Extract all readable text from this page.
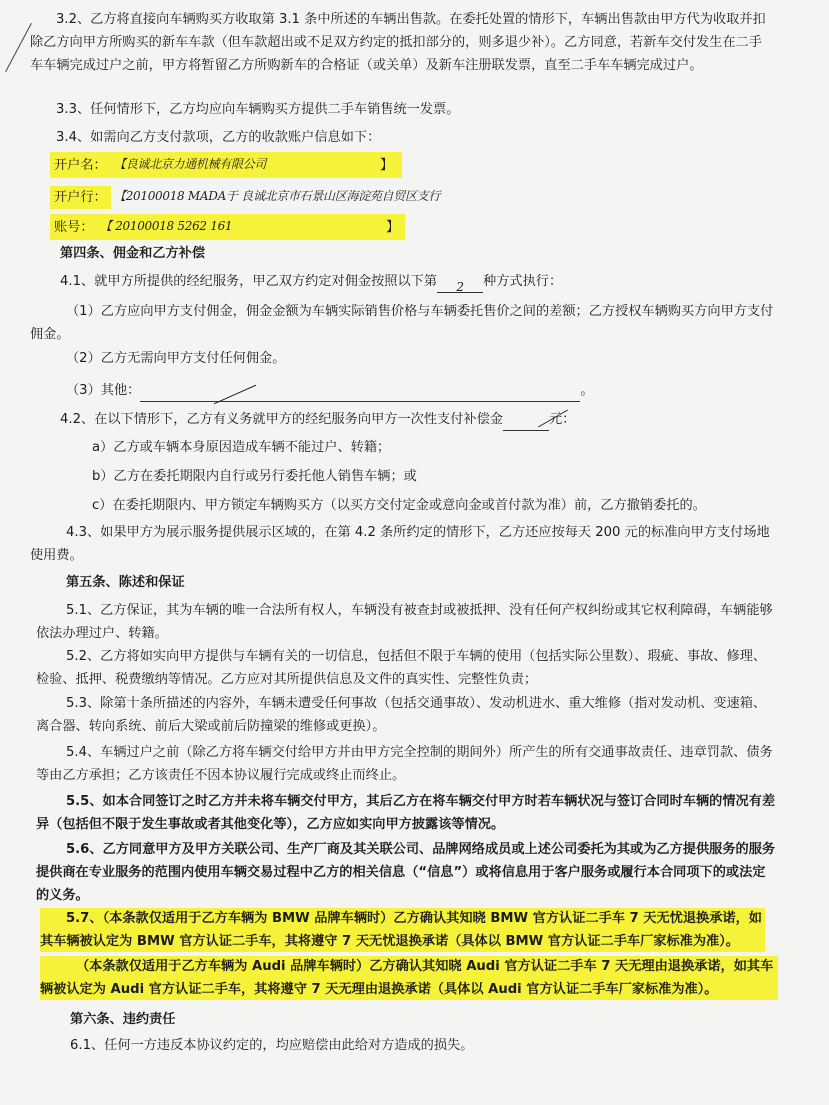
3.2、乙方将直接向车辆购买方收取第 3.1 条中所述的车辆出售款。在委托处置的情形下，车辆出售款由甲方代为收取并扣除乙方向甲方所购买的新车车款（但车款超出或不足双方约定的抵扣部分的，则多退少补）。乙方同意，若新车交付发生在二手车车辆完成过户之前，甲方将暂留乙方所购新车的合格证（或关单）及新车注册联发票，直至二手车车辆完成过户。

3.3、任何情形下，乙方均应向车辆购买方提供二手车销售统一发票。

3.4、如需向乙方支付款项，乙方的收款账户信息如下：

开户名： 【良诚北京力通机械有限公司	】
开户行： 【20100018 MADA于 良诚北京市石景山区海淀苑自贸区支行
账号： 【 20100018 5262 161	】

第四条、佣金和乙方补偿

4.1、就甲方所提供的经纪服务，甲乙双方约定对佣金按照以下第 2 种方式执行：

（1）乙方应向甲方支付佣金，佣金金额为车辆实际销售价格与车辆委托售价之间的差额；乙方授权车辆购买方向甲方支付佣金。

（2）乙方无需向甲方支付任何佣金。

（3）其他：	。

4.2、在以下情形下，乙方有义务就甲方的经纪服务向甲方一次性支付补偿金	元：

a）乙方或车辆本身原因造成车辆不能过户、转籍；

b）乙方在委托期限内自行或另行委托他人销售车辆；或

c）在委托期限内、甲方锁定车辆购买方（以买方交付定金或意向金或首付款为准）前，乙方撤销委托的。

4.3、如果甲方为展示服务提供展示区域的，在第 4.2 条所约定的情形下，乙方还应按每天 200 元的标准向甲方支付场地使用费。

第五条、陈述和保证

5.1、乙方保证，其为车辆的唯一合法所有权人，车辆没有被查封或被抵押、没有任何产权纠纷或其它权利障碍，车辆能够依法办理过户、转籍。

5.2、乙方将如实向甲方提供与车辆有关的一切信息，包括但不限于车辆的使用（包括实际公里数）、瑕疵、事故、修理、检验、抵押、税费缴纳等情况。乙方应对其所提供信息及文件的真实性、完整性负责；

5.3、除第十条所描述的内容外，车辆未遭受任何事故（包括交通事故）、发动机进水、重大维修（指对发动机、变速箱、离合器、转向系统、前后大梁或前后防撞梁的维修或更换）。

5.4、车辆过户之前（除乙方将车辆交付给甲方并由甲方完全控制的期间外）所产生的所有交通事故责任、违章罚款、债务等由乙方承担；乙方该责任不因本协议履行完成或终止而终止。

5.5、如本合同签订之时乙方并未将车辆交付甲方，其后乙方在将车辆交付甲方时若车辆状况与签订合同时车辆的情况有差异（包括但不限于发生事故或者其他变化等），乙方应如实向甲方披露该等情况。

5.6、乙方同意甲方及甲方关联公司、生产厂商及其关联公司、品牌网络成员或上述公司委托为其或为乙方提供服务的服务提供商在专业服务的范围内使用车辆交易过程中乙方的相关信息（“信息”）或将信息用于客户服务或履行本合同项下的或法定的义务。

5.7、（本条款仅适用于乙方车辆为 BMW 品牌车辆时）乙方确认其知晓 BMW 官方认证二手车 7 天无忧退换承诺，如其车辆被认定为 BMW 官方认证二手车，其将遵守 7 天无忧退换承诺（具体以 BMW 官方认证二手车厂家标准为准）。

（本条款仅适用于乙方车辆为 Audi 品牌车辆时）乙方确认其知晓 Audi 官方认证二手车 7 天无理由退换承诺，如其车辆被认定为 Audi 官方认证二手车，其将遵守 7 天无理由退换承诺（具体以 Audi 官方认证二手车厂家标准为准）。

第六条、违约责任

6.1、任何一方违反本协议约定的，均应赔偿由此给对方造成的损失。
